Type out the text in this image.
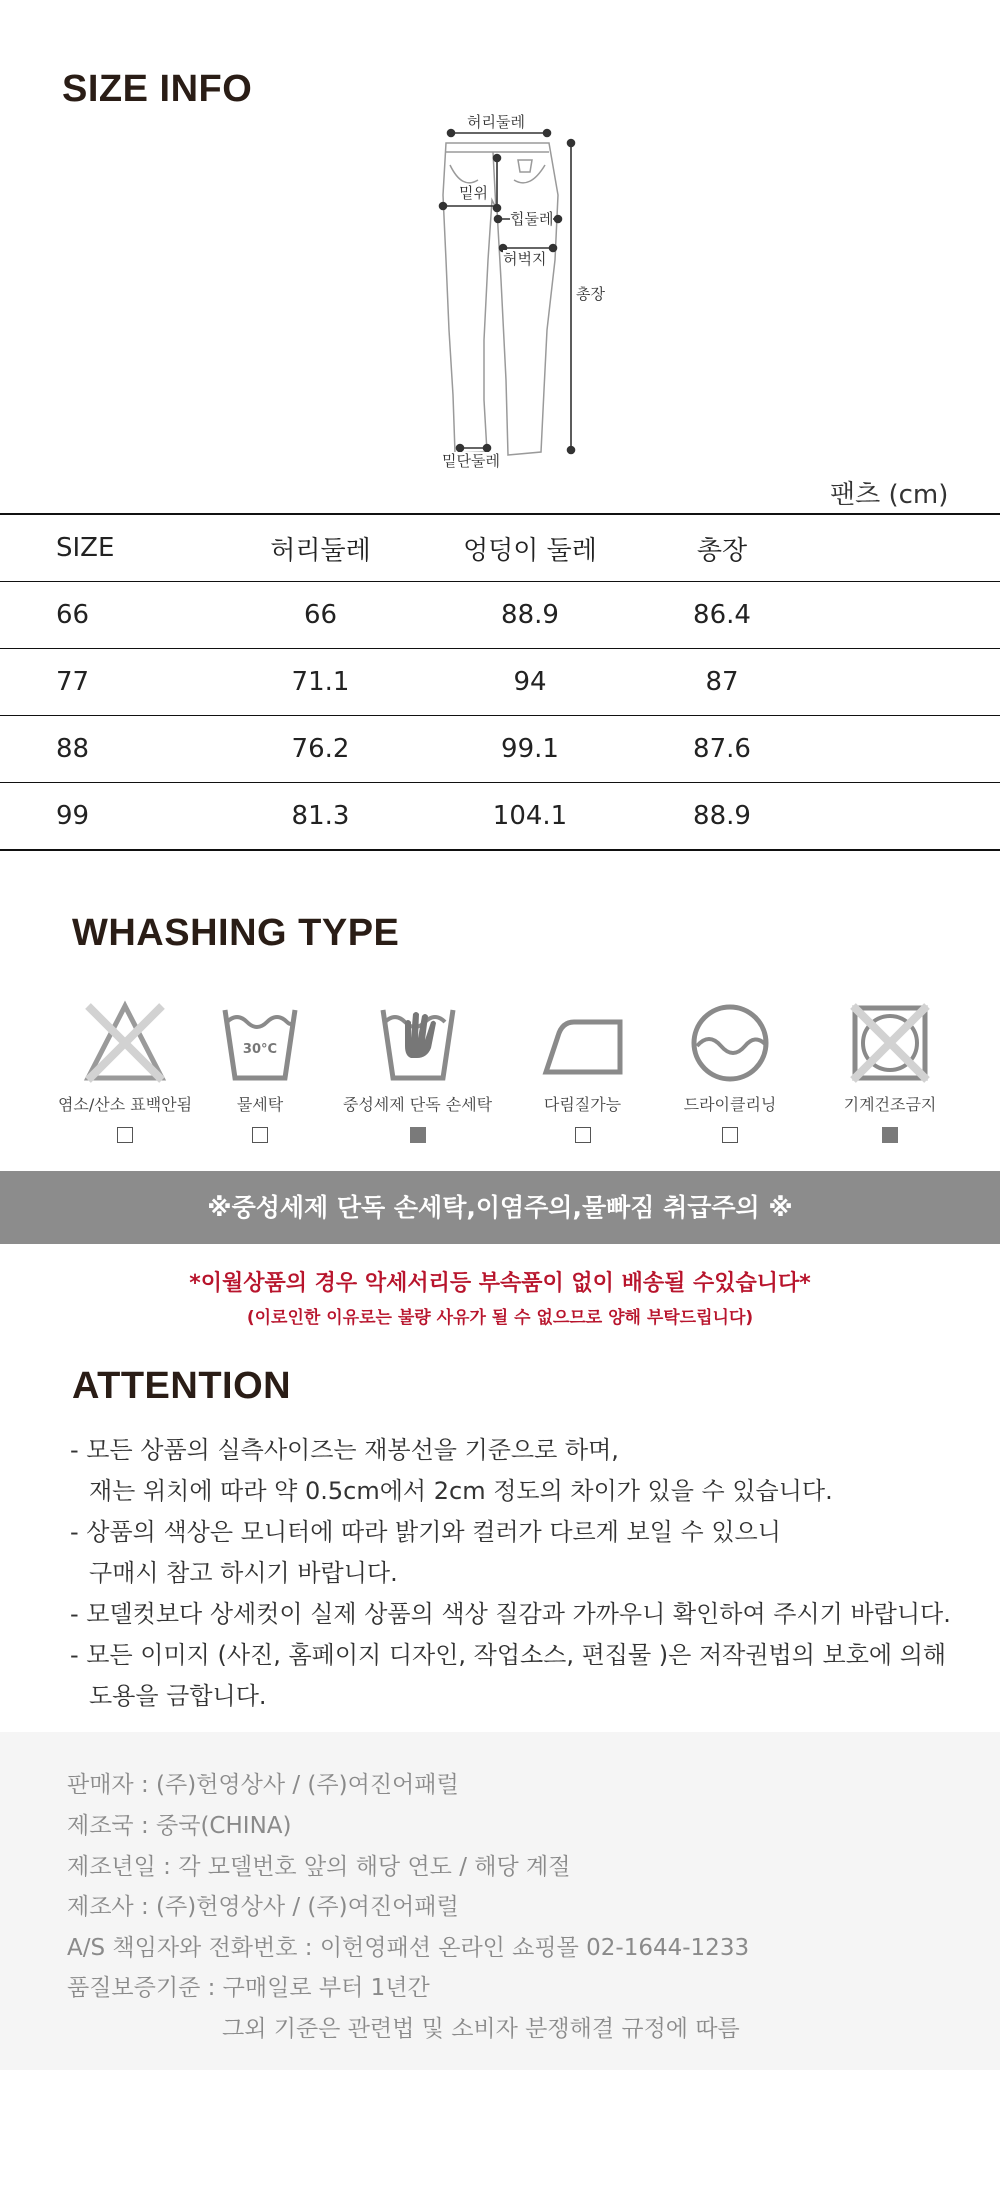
SIZE INFO
허리둘레
밑위
힙둘레
허벅지
총장
밑단둘레
팬츠 (cm)
SIZE	허리둘레	엉덩이 둘레	총장	
66	66	88.9	86.4	
77	71.1	94	87	
88	76.2	99.1	87.6	
99	81.3	104.1	88.9	
WHASHING TYPE
염소/산소 표백안됨
30°C
물세탁	중성세제 단독 손세탁	다림질가능	드라이클리닝	기계건조금지
※중성세제 단독 손세탁,이염주의,물빠짐 취급주의 ※
*이월상품의 경우 악세서리등 부속품이 없이 배송될 수있습니다*
(이로인한 이유로는 불량 사유가 될 수 없으므로 양해 부탁드립니다)
ATTENTION

- 모든 상품의 실측사이즈는 재봉선을 기준으로 하며,

재는 위치에 따라 약 0.5cm에서 2cm 정도의 차이가 있을 수 있습니다.

- 상품의 색상은 모니터에 따라 밝기와 컬러가 다르게 보일 수 있으니

구매시 참고 하시기 바랍니다.

- 모델컷보다 상세컷이 실제 상품의 색상 질감과 가까우니 확인하여 주시기 바랍니다.

- 모든 이미지 (사진, 홈페이지 디자인, 작업소스, 편집물 )은 저작권법의 보호에 의해

도용을 금합니다.

판매자 : (주)헌영상사 / (주)여진어패럴
제조국 : 중국(CHINA)
제조년일 : 각 모델번호 앞의 해당 연도 / 해당 계절
제조사 : (주)헌영상사 / (주)여진어패럴
A/S 책임자와 전화번호 : 이헌영패션 온라인 쇼핑몰 02-1644-1233
품질보증기준 : 구매일로 부터 1년간
그외 기준은 관련법 및 소비자 분쟁해결 규정에 따름
